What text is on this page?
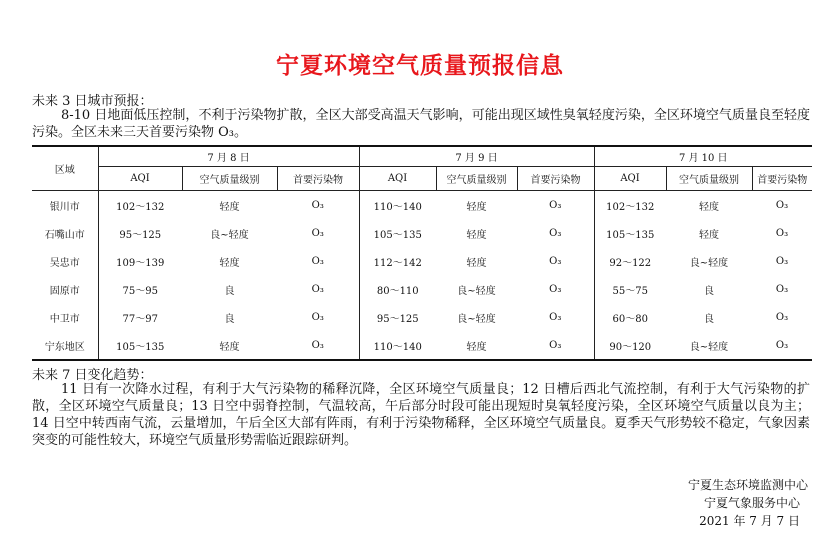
宁夏环境空气质量预报信息
未来 3 日城市预报：
8-10 日地面低压控制，不利于污染物扩散，全区大部受高温天气影响，可能出现区域性臭氧轻度污染，全区环境空气质量良至轻度污染。全区未来三天首要污染物 O₃。
区域	7 月 8 日			7 月 9 日			7 月 10 日		
	AQI	空气质量级别	首要污染物	AQI	空气质量级别	首要污染物	AQI	空气质量级别	首要污染物
银川市	102～132	轻度	O₃	110～140	轻度	O₃	102～132	轻度	O₃
石嘴山市	95～125	良~轻度	O₃	105～135	轻度	O₃	105～135	轻度	O₃
吴忠市	109～139	轻度	O₃	112～142	轻度	O₃	92～122	良~轻度	O₃
固原市	75～95	良	O₃	80～110	良~轻度	O₃	55～75	良	O₃
中卫市	77～97	良	O₃	95～125	良~轻度	O₃	60～80	良	O₃
宁东地区	105～135	轻度	O₃	110～140	轻度	O₃	90～120	良~轻度	O₃
未来 7 日变化趋势：
11 日有一次降水过程，有利于大气污染物的稀释沉降，全区环境空气质量良；12 日槽后西北气流控制，有利于大气污染物的扩散，全区环境空气质量良；13 日空中弱脊控制，气温较高，午后部分时段可能出现短时臭氧轻度污染，全区环境空气质量以良为主；14 日空中转西南气流，云量增加，午后全区大部有阵雨，有利于污染物稀释，全区环境空气质量良。夏季天气形势较不稳定，气象因素突变的可能性较大，环境空气质量形势需临近跟踪研判。
宁夏生态环境监测中心
宁夏气象服务中心
2021 年 7 月 7 日
